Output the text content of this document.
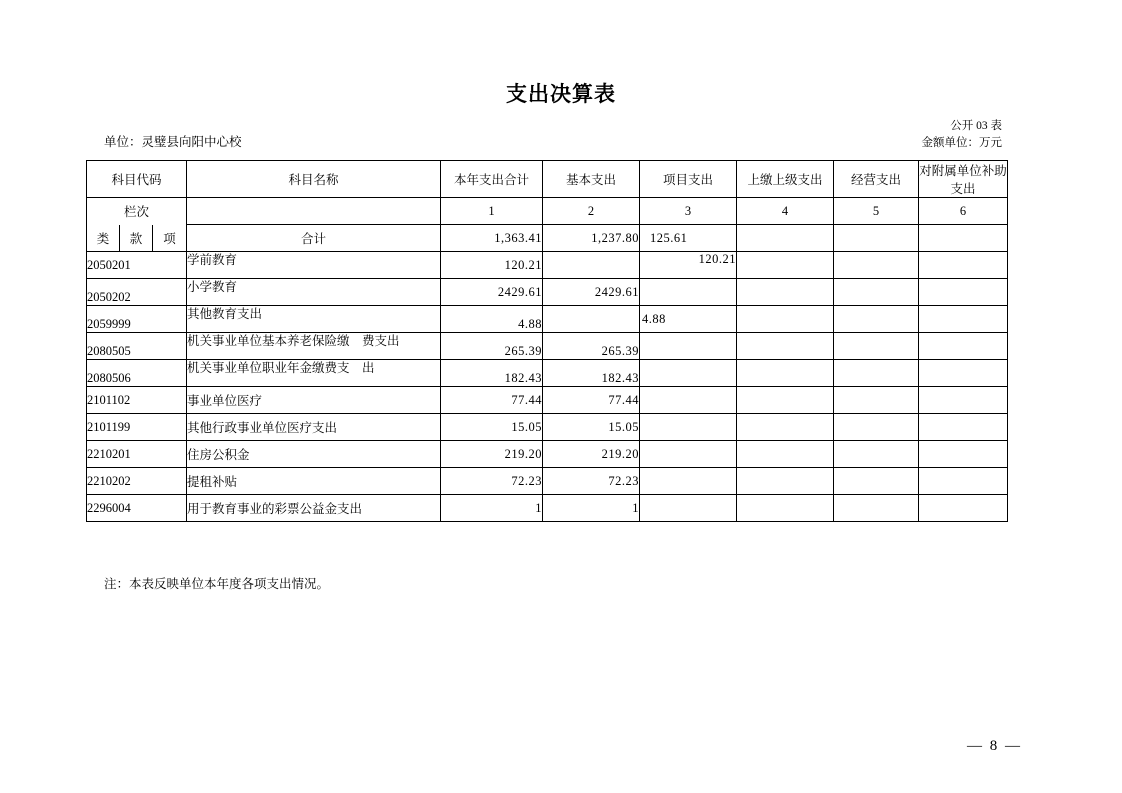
支出决算表
公开 03 表
金额单位：万元
单位：灵璧县向阳中心校
科目代码			科目名称	本年支出合计	基本支出	项目支出	上缴上级支出	经营支出	对附属单位补助支出
栏次				1	2	3	4	5	6
类	款	项	合计	1,363.41	1,237.80	125.61			
2050201			学前教育	120.21		120.21			
2050202			小学教育	2429.61	2429.61				
2059999			其他教育支出	4.88		4.88			
2080505			机关事业单位基本养老保险缴　费支出	265.39	265.39				
2080506			机关事业单位职业年金缴费支　出	182.43	182.43				
2101102			事业单位医疗	77.44	77.44				
2101199			其他行政事业单位医疗支出	15.05	15.05				
2210201			住房公积金	219.20	219.20				
2210202			提租补贴	72.23	72.23				
2296004			用于教育事业的彩票公益金支出	1	1				
注：本表反映单位本年度各项支出情况。
— 8 —
